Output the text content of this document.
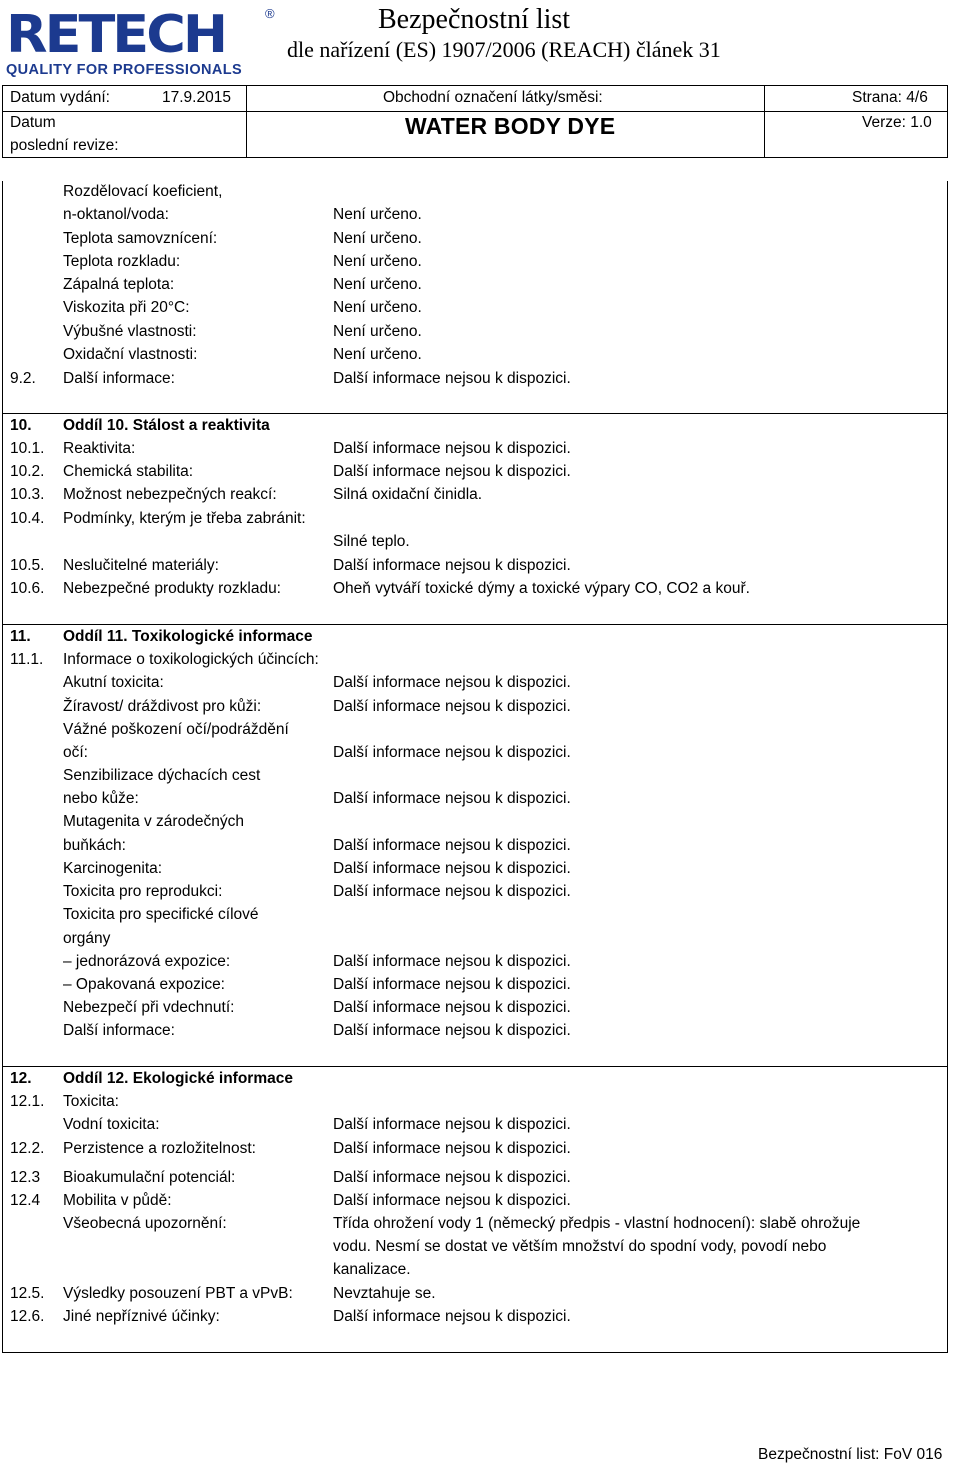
RETECH	®
QUALITY FOR PROFESSIONALS
Bezpečnostní list
dle nařízení (ES) 1907/2006 (REACH) článek 31
Datum vydání:	17.9.2015
Datum
poslední revize:
Obchodní označení látky/směsi:
WATER BODY DYE
Strana: 4/6
Verze: 1.0
Rozdělovací koeficient,
n-oktanol/voda:	Není určeno.
Teplota samovznícení:	Není určeno.
Teplota rozkladu:	Není určeno.
Zápalná teplota:	Není určeno.
Viskozita při 20°C:	Není určeno.
Výbušné vlastnosti:	Není určeno.
Oxidační vlastnosti:	Není určeno.
9.2. Další informace:	Další informace nejsou k dispozici.
10. Oddíl 10. Stálost a reaktivita
10.1. Reaktivita:	Další informace nejsou k dispozici.
10.2. Chemická stabilita:	Další informace nejsou k dispozici.
10.3. Možnost nebezpečných reakcí:	Silná oxidační činidla.
10.4. Podmínky, kterým je třeba zabránit:
Silné teplo.
10.5. Neslučitelné materiály:	Další informace nejsou k dispozici.
10.6. Nebezpečné produkty rozkladu:	Oheň vytváří toxické dýmy a toxické výpary CO, CO2 a kouř.
11. Oddíl 11. Toxikologické informace
11.1. Informace o toxikologických účincích:
Akutní toxicita:	Další informace nejsou k dispozici.
Žíravost/ dráždivost pro kůži:	Další informace nejsou k dispozici.
Vážné poškození očí/podráždění
očí:	Další informace nejsou k dispozici.
Senzibilizace dýchacích cest
nebo kůže:	Další informace nejsou k dispozici.
Mutagenita v zárodečných
buňkách:	Další informace nejsou k dispozici.
Karcinogenita:	Další informace nejsou k dispozici.
Toxicita pro reprodukci:	Další informace nejsou k dispozici.
Toxicita pro specifické cílové
orgány
– jednorázová expozice:	Další informace nejsou k dispozici.
– Opakovaná expozice:	Další informace nejsou k dispozici.
Nebezpečí při vdechnutí:	Další informace nejsou k dispozici.
Další informace:	Další informace nejsou k dispozici.
12. Oddíl 12. Ekologické informace
12.1. Toxicita:
Vodní toxicita:	Další informace nejsou k dispozici.
12.2. Perzistence a rozložitelnost:	Další informace nejsou k dispozici.
12.3 Bioakumulační potenciál:	Další informace nejsou k dispozici.
12.4 Mobilita v půdě:	Další informace nejsou k dispozici.
Všeobecná upozornění:	Třída ohrožení vody 1 (německý předpis - vlastní hodnocení): slabě ohrožuje
vodu. Nesmí se dostat ve větším množství do spodní vody, povodí nebo
kanalizace.
12.5. Výsledky posouzení PBT a vPvB:	Nevztahuje se.
12.6. Jiné nepříznivé účinky:	Další informace nejsou k dispozici.
Bezpečnostní list: FoV 016
